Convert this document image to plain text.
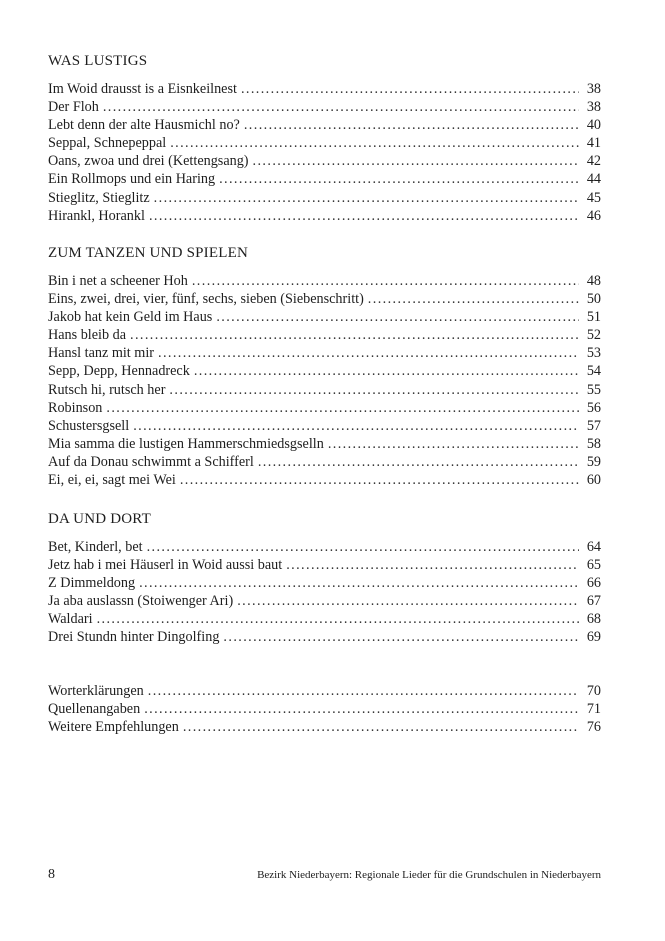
WAS LUSTIGS
Im Woid drausst is a Eisnkeilnest .....	38
Der Floh .....	38
Lebt denn der alte Hausmichl no? .....	40
Seppal, Schnepeppal .....	41
Oans, zwoa und drei (Kettengsang) .....	42
Ein Rollmops und ein Haring .....	44
Stieglitz, Stieglitz .....	45
Hirankl, Horankl .....	46
ZUM TANZEN UND SPIELEN
Bin i net a scheener Hoh .....	48
Eins, zwei, drei, vier, fünf, sechs, sieben (Siebenschritt) .....	50
Jakob hat kein Geld im Haus .....	51
Hans bleib da .....	52
Hansl tanz mit mir .....	53
Sepp, Depp, Hennadreck .....	54
Rutsch hi, rutsch her .....	55
Robinson .....	56
Schustersgsell .....	57
Mia samma die lustigen Hammerschmiedsgselln .....	58
Auf da Donau schwimmt a Schifferl .....	59
Ei, ei, ei, sagt mei Wei .....	60
DA UND DORT
Bet, Kinderl, bet .....	64
Jetz hab i mei Häuserl in Woid aussi baut .....	65
Z Dimmeldong .....	66
Ja aba auslassn (Stoiwenger Ari) .....	67
Waldari .....	68
Drei Stundn hinter Dingolfing .....	69
Worterklärungen .....	70
Quellenangaben .....	71
Weitere Empfehlungen .....	76
8	Bezirk Niederbayern: Regionale Lieder für die Grundschulen in Niederbayern
